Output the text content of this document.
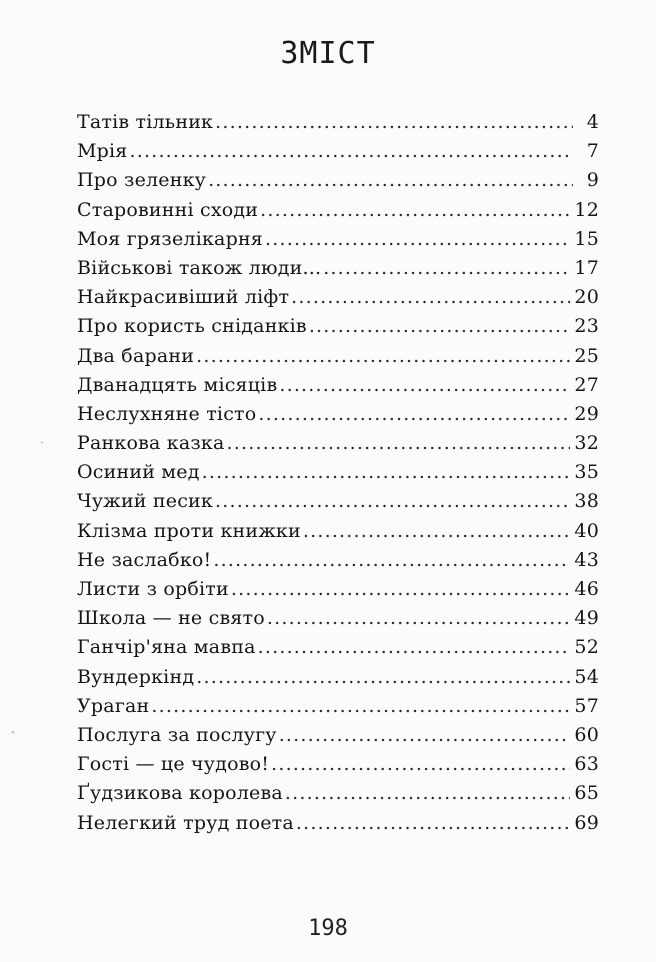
ЗМІСТ
Татів тільник .....	4
Мрія .....	7
Про зеленку .....	9
Старовинні сходи .....	12
Моя грязелікарня .....	15
Військові також люди... .....	17
Найкрасивіший ліфт .....	20
Про користь сніданків .....	23
Два барани .....	25
Дванадцять місяців .....	27
Неслухняне тісто .....	29
Ранкова казка .....	32
Осиний мед .....	35
Чужий песик .....	38
Клізма проти книжки .....	40
Не заслабко! .....	43
Листи з орбіти .....	46
Школа — не свято .....	49
Ганчір'яна мавпа .....	52
Вундеркінд .....	54
Ураган .....	57
Послуга за послугу .....	60
Гості — це чудово! .....	63
Ґудзикова королева .....	65
Нелегкий труд поета .....	69
ˎ
ˆ
198
